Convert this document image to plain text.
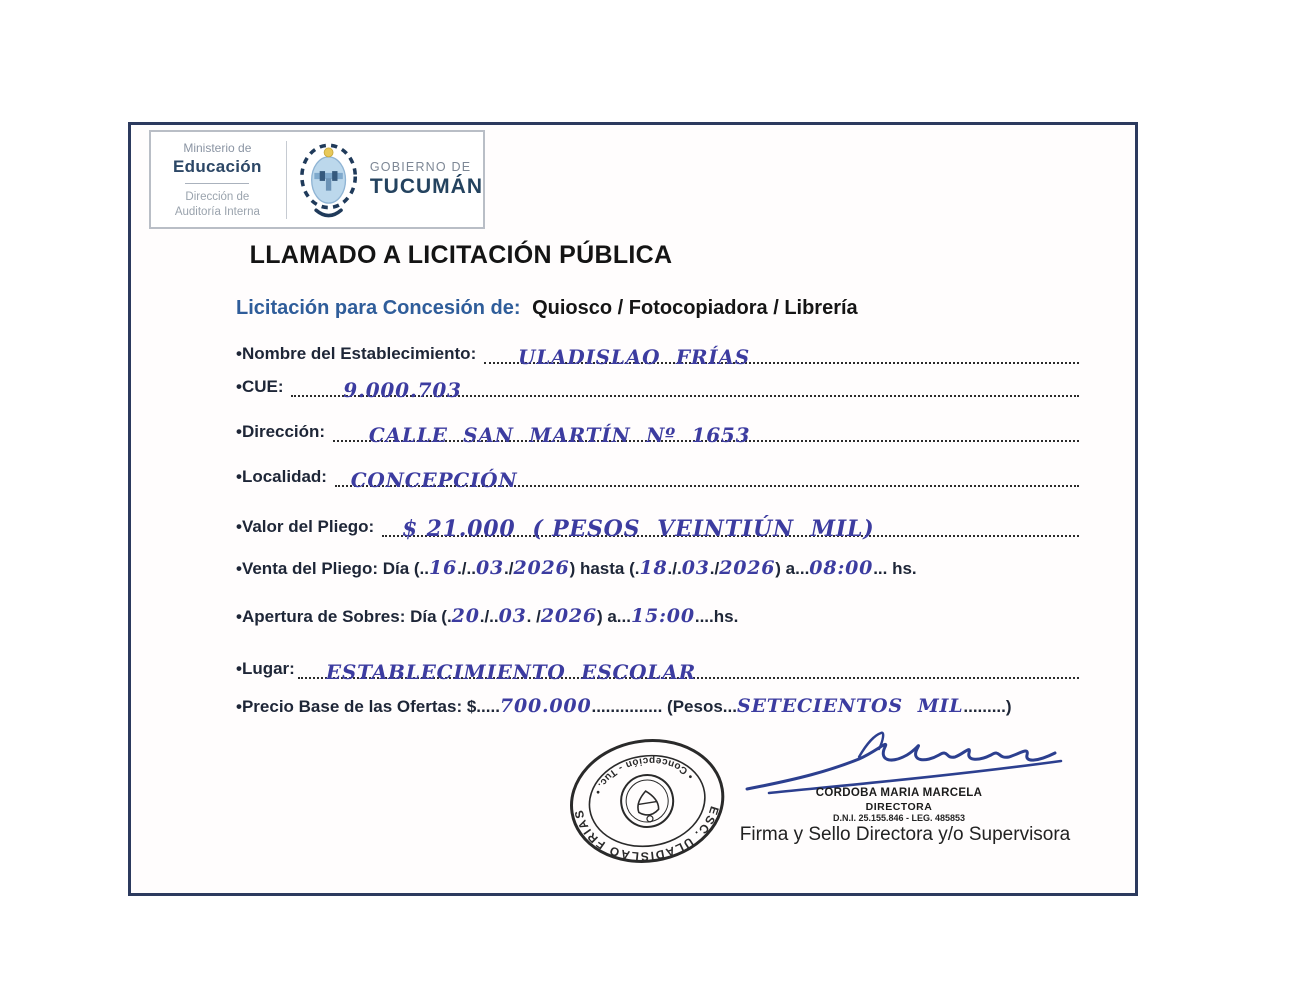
Ministerio de
Educación
Dirección de
Auditoría Interna
GOBIERNO DE
TUCUMÁN
LLAMADO A LICITACIÓN PÚBLICA
Licitación para Concesión de: Quiosco / Fotocopiadora / Librería
•Nombre del Establecimiento: ULADISLAO  FRÍAS
•CUE:	9.000.703
•Dirección: CALLE  SAN  MARTÍN  Nº  1653
•Localidad: CONCEPCIÓN
•Valor del Pliego: $ 21.000  ( PESOS  VEINTIÚN  MIL)
•Venta del Pliego: Día (..16./..03./2026) hasta (.18./.03./2026) a...08:00... hs.
•Apertura de Sobres: Día (.20./..03. /2026) a...15:00....hs.
•Lugar: ESTABLECIMIENTO  ESCOLAR
•Precio Base de las Ofertas: $.....700.000............... (Pesos...SETECIENTOS  MIL.........)
ESC. ULADISLAO FRIAS
• Concepción - Tuc. •	CORDOBA MARIA MARCELA
DIRECTORA
D.N.I. 25.155.846 - LEG. 485853
Firma y Sello Directora y/o Supervisora
